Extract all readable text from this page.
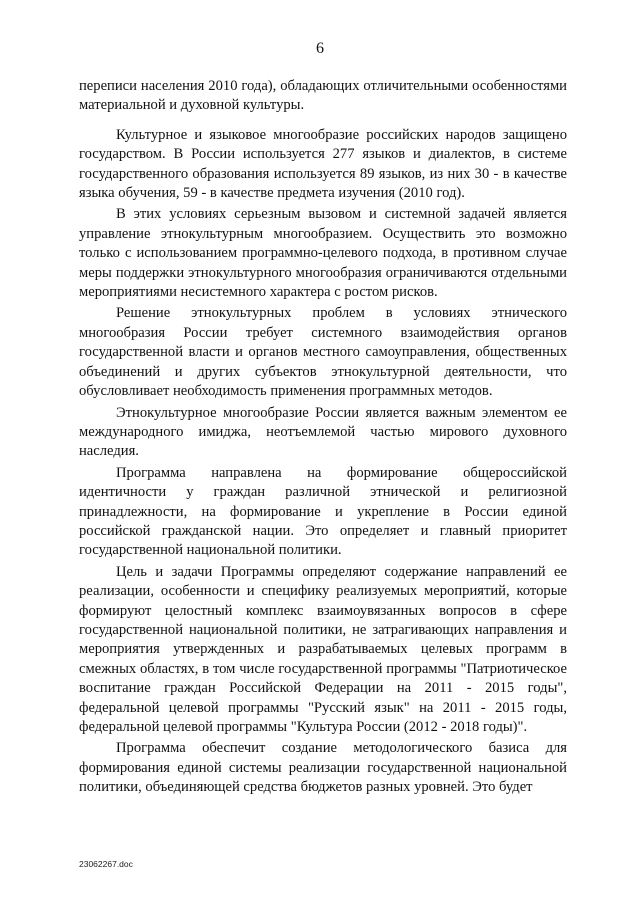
6

переписи населения 2010 года), обладающих отличительными особенностями материальной и духовной культуры.

Культурное и языковое многообразие российских народов защищено государством. В России используется 277 языков и диалектов, в системе государственного образования используется 89 языков, из них 30 - в качестве языка обучения, 59 - в качестве предмета изучения (2010 год).

В этих условиях серьезным вызовом и системной задачей является управление этнокультурным многообразием. Осуществить это возможно только с использованием программно-целевого подхода, в противном случае меры поддержки этнокультурного многообразия ограничиваются отдельными мероприятиями несистемного характера с ростом рисков.

Решение этнокультурных проблем в условиях этнического многообразия России требует системного взаимодействия органов государственной власти и органов местного самоуправления, общественных объединений и других субъектов этнокультурной деятельности, что обусловливает необходимость применения программных методов.

Этнокультурное многообразие России является важным элементом ее международного имиджа, неотъемлемой частью мирового духовного наследия.

Программа направлена на формирование общероссийской идентичности у граждан различной этнической и религиозной принадлежности, на формирование и укрепление в России единой российской гражданской нации. Это определяет и главный приоритет государственной национальной политики.

Цель и задачи Программы определяют содержание направлений ее реализации, особенности и специфику реализуемых мероприятий, которые формируют целостный комплекс взаимоувязанных вопросов в сфере государственной национальной политики, не затрагивающих направления и мероприятия утвержденных и разрабатываемых целевых программ в смежных областях, в том числе государственной программы "Патриотическое воспитание граждан Российской Федерации на 2011 - 2015 годы", федеральной целевой программы "Русский язык" на 2011 - 2015 годы, федеральной целевой программы "Культура России (2012 - 2018 годы)".

Программа обеспечит создание методологического базиса для формирования единой системы реализации государственной национальной политики, объединяющей средства бюджетов разных уровней. Это будет

23062267.doc
